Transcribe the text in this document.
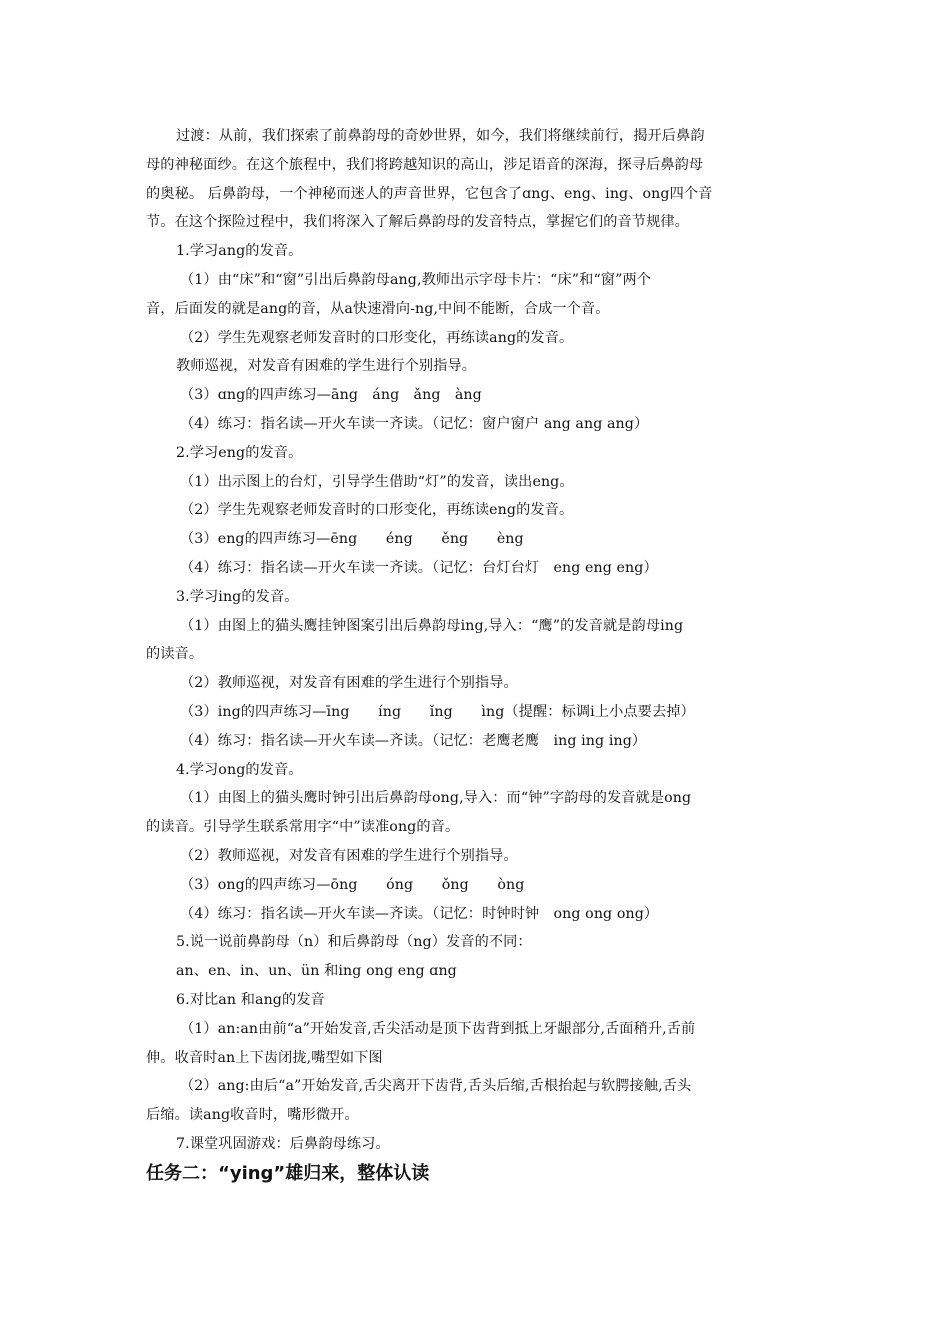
过渡：从前，我们探索了前鼻韵母的奇妙世界，如今，我们将继续前行，揭开后鼻韵
母的神秘面纱。在这个旅程中，我们将跨越知识的高山，涉足语音的深海，探寻后鼻韵母
的奥秘。 后鼻韵母，一个神秘而迷人的声音世界，它包含了ɑng、eng、ing、ong四个音
节。在这个探险过程中，我们将深入了解后鼻韵母的发音特点，掌握它们的音节规律。
1.学习ang的发音。
（1）由“床”和“窗”引出后鼻韵母ang,教师出示字母卡片：“床”和“窗”两个
音，后面发的就是ang的音，从a快速滑向-ng,中间不能断，合成一个音。
（2）学生先观察老师发音时的口形变化，再练读ang的发音。
教师巡视，对发音有困难的学生进行个别指导。
（3）ɑng的四声练习—āng　áng　ǎng　àng
（4）练习：指名读—开火车读一齐读。（记忆：窗户窗户 ang ang ang）
2.学习eng的发音。
（1）出示图上的台灯，引导学生借助“灯”的发音，读出eng。
（2）学生先观察老师发音时的口形变化，再练读eng的发音。
（3）eng的四声练习—ēng　　éng　　ěng　　èng
（4）练习：指名读—开火车读一齐读。（记忆：台灯台灯　eng eng eng）
3.学习ing的发音。
（1）由图上的猫头鹰挂钟图案引出后鼻韵母ing,导入：“鹰”的发音就是韵母ing
的读音。
（2）教师巡视，对发音有困难的学生进行个别指导。
（3）ing的四声练习—īng　　íng　　ǐng　　ìng（提醒：标调i上小点要去掉）
（4）练习：指名读—开火车读—齐读。（记忆：老鹰老鹰　ing ing ing）
4.学习ong的发音。
（1）由图上的猫头鹰时钟引出后鼻韵母ong,导入：而“钟”字韵母的发音就是ong
的读音。引导学生联系常用字“中”读准ong的音。
（2）教师巡视，对发音有困难的学生进行个别指导。
（3）ong的四声练习—ōng　　óng　　ǒng　　òng
（4）练习：指名读—开火车读—齐读。（记忆：时钟时钟　ong ong ong）
5.说一说前鼻韵母（n）和后鼻韵母（ng）发音的不同：
an、en、in、un、ün 和ing ong eng ɑng
6.对比an 和ang的发音
（1）an:an由前“a”开始发音,舌尖活动是顶下齿背到抵上牙龈部分,舌面稍升,舌前
伸。收音时an上下齿闭拢,嘴型如下图
（2）ang:由后“a”开始发音,舌尖离开下齿背,舌头后缩,舌根抬起与软腭接触,舌头
后缩。读ang收音时，嘴形微开。
7.课堂巩固游戏：后鼻韵母练习。
任务二：“ying”雄归来，整体认读
